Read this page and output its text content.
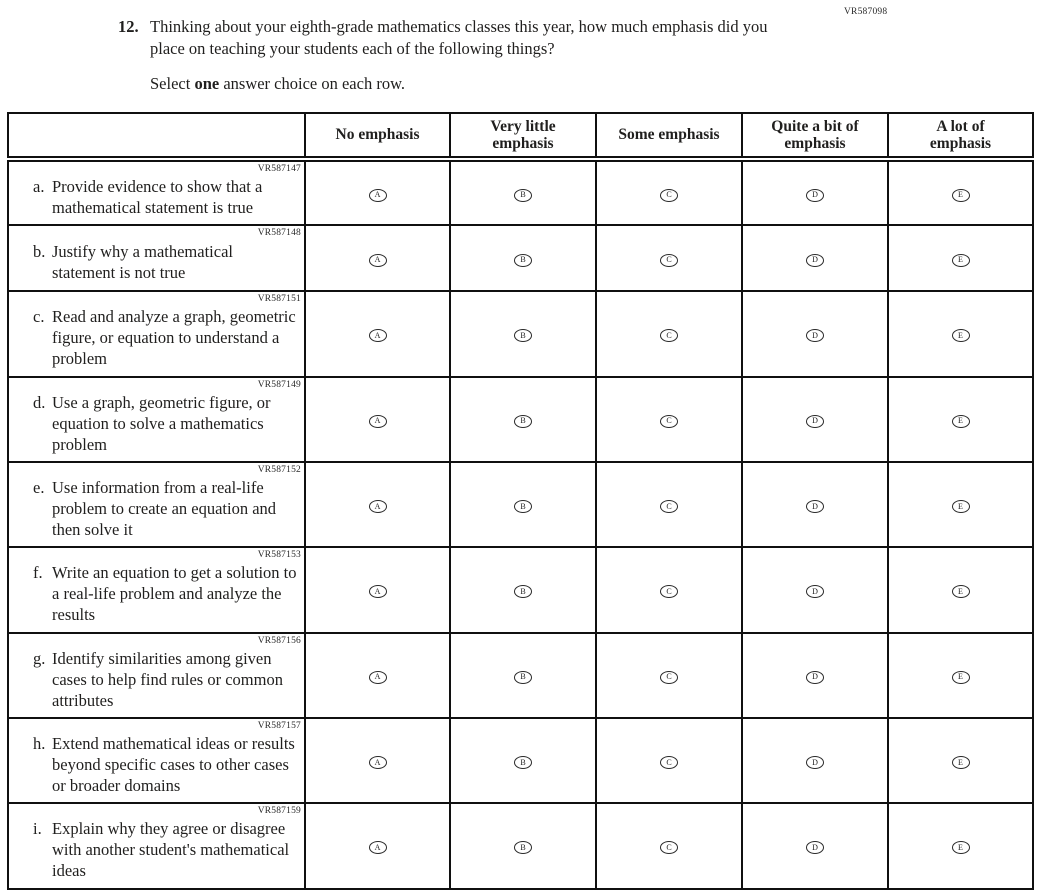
VR587098
12. Thinking about your eighth-grade mathematics classes this year, how much emphasis did you place on teaching your students each of the following things?
Select one answer choice on each row.
	No emphasis	Very little emphasis	Some emphasis	Quite a bit of emphasis	A lot of emphasis

VR587147
a. Provide evidence to show that a mathematical statement is true	A	B	C	D	E

VR587148
b. Justify why a mathematical statement is not true	A	B	C	D	E

VR587151
c. Read and analyze a graph, geometric figure, or equation to understand a problem	A	B	C	D	E

VR587149
d. Use a graph, geometric figure, or equation to solve a mathematics problem	A	B	C	D	E

VR587152
e. Use information from a real-life problem to create an equation and then solve it	A	B	C	D	E

VR587153
f. Write an equation to get a solution to a real-life problem and analyze the results	A	B	C	D	E

VR587156
g. Identify similarities among given cases to help find rules or common attributes	A	B	C	D	E

VR587157
h. Extend mathematical ideas or results beyond specific cases to other cases or broader domains	A	B	C	D	E

VR587159
i. Explain why they agree or disagree with another student's mathematical ideas	A	B	C	D	E
